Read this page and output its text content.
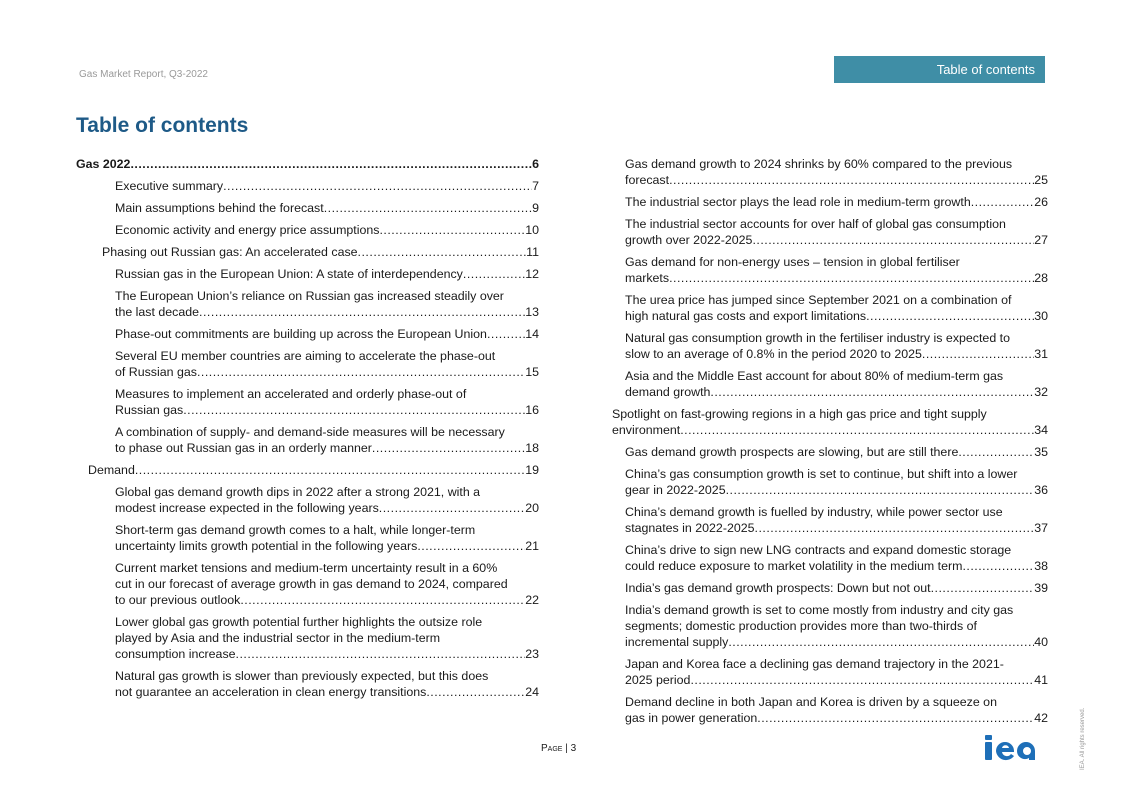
Gas Market Report, Q3-2022	Table of contents
Table of contents
Gas 2022 .....	6
Executive summary .....	7
Main assumptions behind the forecast .....	9
Economic activity and energy price assumptions .....	10
Phasing out Russian gas: An accelerated case .....	11
Russian gas in the European Union: A state of interdependency .....	12
The European Union’s reliance on Russian gas increased steadily over
the last decade .....	13
Phase-out commitments are building up across the European Union .....	14
Several EU member countries are aiming to accelerate the phase-out
of Russian gas .....	15
Measures to implement an accelerated and orderly phase-out of
Russian gas .....	16
A combination of supply- and demand-side measures will be necessary
to phase out Russian gas in an orderly manner .....	18
Demand .....	19
Global gas demand growth dips in 2022 after a strong 2021, with a
modest increase expected in the following years .....	20
Short-term gas demand growth comes to a halt, while longer-term
uncertainty limits growth potential in the following years .....	21
Current market tensions and medium-term uncertainty result in a 60%
cut in our forecast of average growth in gas demand to 2024, compared
to our previous outlook .....	22
Lower global gas growth potential further highlights the outsize role
played by Asia and the industrial sector in the medium-term
consumption increase .....	23
Natural gas growth is slower than previously expected, but this does
not guarantee an acceleration in clean energy transitions .....	24
Gas demand growth to 2024 shrinks by 60% compared to the previous
forecast .....	25
The industrial sector plays the lead role in medium-term growth .....	26
The industrial sector accounts for over half of global gas consumption
growth over 2022-2025 .....	27
Gas demand for non-energy uses – tension in global fertiliser
markets .....	28
The urea price has jumped since September 2021 on a combination of
high natural gas costs and export limitations .....	30
Natural gas consumption growth in the fertiliser industry is expected to
slow to an average of 0.8% in the period 2020 to 2025 .....	31
Asia and the Middle East account for about 80% of medium-term gas
demand growth .....	32
Spotlight on fast-growing regions in a high gas price and tight supply
environment .....	34
Gas demand growth prospects are slowing, but are still there .....	35
China’s gas consumption growth is set to continue, but shift into a lower
gear in 2022-2025 .....	36
China’s demand growth is fuelled by industry, while power sector use
stagnates in 2022-2025 .....	37
China’s drive to sign new LNG contracts and expand domestic storage
could reduce exposure to market volatility in the medium term .....	38
India’s gas demand growth prospects: Down but not out .....	39
India’s demand growth is set to come mostly from industry and city gas
segments; domestic production provides more than two-thirds of
incremental supply .....	40
Japan and Korea face a declining gas demand trajectory in the 2021-
2025 period .....	41
Demand decline in both Japan and Korea is driven by a squeeze on
gas in power generation .....	42
Page | 3	IEA. All rights reserved.
